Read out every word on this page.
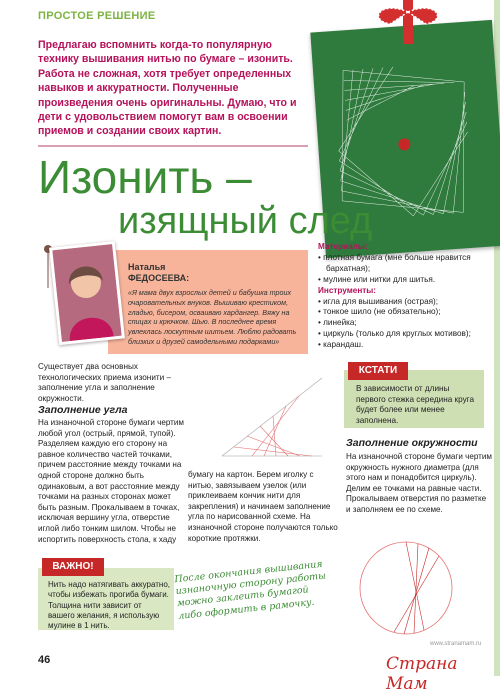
ПРОСТОЕ РЕШЕНИЕ
Предлагаю вспомнить когда-то популярную технику вышивания нитью по бумаге – изонить. Работа не сложная, хотя требует определенных навыков и аккуратности. Полученные произведения очень оригинальны. Думаю, что и дети с удовольствием помогут вам в освоении приемов и создании своих картин.
Изонить –
изящный след
Наталья
ФЕДОСЕЕВА:
«Я мама двух взрослых детей и бабушка троих очаровательных внуков. Вышиваю крестиком, гладью, бисером, осваиваю хардангер. Вяжу на спицах и крючком. Шью. В последнее время увлеклась лоскутным шитьем. Люблю радовать близких и друзей самодельными подарками»
Материалы:
• плотная бумага (мне больше нравится бархатная);
• мулине или нитки для шитья.
Инструменты:
• игла для вышивания (острая);
• тонкое шило (не обязательно);
• линейка;
• циркуль (только для круглых мотивов);
• карандаш.
Существует два основных технологических приема изонити – заполнение угла и заполнение окружности.
КСТАТИ
В зависимости от длины первого стежка середина круга будет более или менее заполнена.
Заполнение угла
На изнаночной стороне бумаги чертим любой угол (острый, прямой, тупой). Разделяем каждую его сторону на равное количество частей точками, причем расстояние между точками на одной стороне должно быть одинаковым, а вот расстояние между точками на разных сторонах может быть разным. Прокалываем в точках, исключая вершину угла, отверстие иглой либо тонким шилом. Чтобы не испортить поверхность стола, к хаду
бумагу на картон. Берем иголку с нитью, завязываем узелок (или приклеиваем кончик нити для закрепления) и начинаем заполнение угла по нарисованной схеме. На изнаночной стороне получаются только короткие протяжки.
Заполнение окружности
На изнаночной стороне бумаги чертим окружность нужного диаметра (для этого нам и понадобится циркуль). Делим ее точками на равные части. Прокалываем отверстия по разметке и заполняем ее по схеме.
ВАЖНО!
Нить надо натягивать аккуратно, чтобы избежать прогиба бумаги. Толщина нити зависит от вашего желания, я использую мулине в 1 нить.
После окончания вышивания изнаночную сторону работы можно заклеить бумагой либо оформить в рамочку.
46
www.stranamam.ru
Страна Мам
